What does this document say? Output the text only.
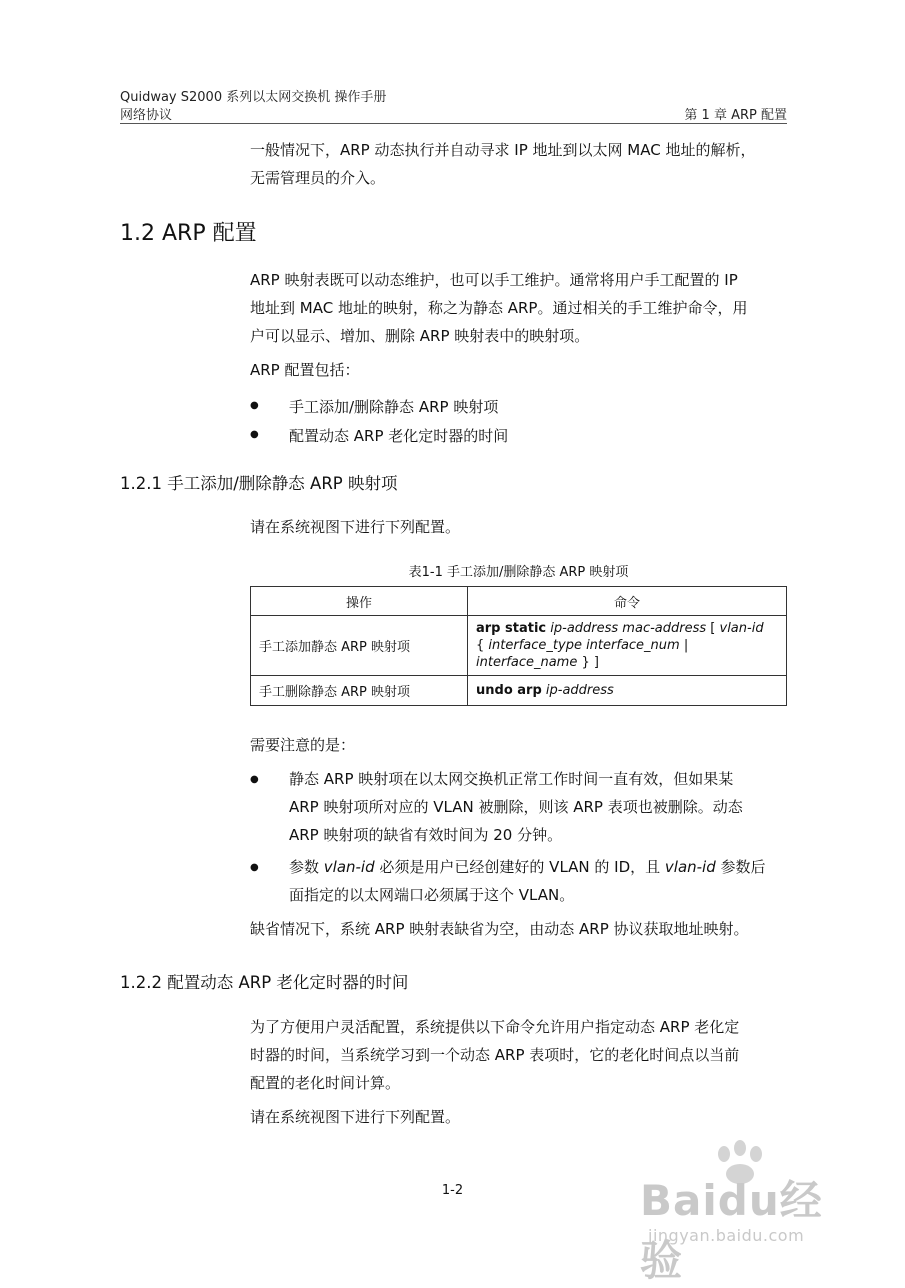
Quidway S2000 系列以太网交换机 操作手册
网络协议	第 1 章 ARP 配置
一般情况下，ARP 动态执行并自动寻求 IP 地址到以太网 MAC 地址的解析，
无需管理员的介入。
1.2 ARP 配置
ARP 映射表既可以动态维护，也可以手工维护。通常将用户手工配置的 IP
地址到 MAC 地址的映射，称之为静态 ARP。通过相关的手工维护命令，用
户可以显示、增加、删除 ARP 映射表中的映射项。
ARP 配置包括：
● 手工添加/删除静态 ARP 映射项
● 配置动态 ARP 老化定时器的时间
1.2.1 手工添加/删除静态 ARP 映射项
请在系统视图下进行下列配置。
表1-1 手工添加/删除静态 ARP 映射项
操作	命令
手工添加静态 ARP 映射项	arp static ip-address mac-address [ vlan-id
{ interface_type interface_num | interface_name } ]

手工删除静态 ARP 映射项	undo arp ip-address
需要注意的是：
● 静态 ARP 映射项在以太网交换机正常工作时间一直有效，但如果某
ARP 映射项所对应的 VLAN 被删除，则该 ARP 表项也被删除。动态
ARP 映射项的缺省有效时间为 20 分钟。
● 参数 vlan-id 必须是用户已经创建好的 VLAN 的 ID，且 vlan-id 参数后
面指定的以太网端口必须属于这个 VLAN。
缺省情况下，系统 ARP 映射表缺省为空，由动态 ARP 协议获取地址映射。
1.2.2 配置动态 ARP 老化定时器的时间
为了方便用户灵活配置，系统提供以下命令允许用户指定动态 ARP 老化定
时器的时间，当系统学习到一个动态 ARP 表项时，它的老化时间点以当前
配置的老化时间计算。
请在系统视图下进行下列配置。
1-2	Baidu经验
jingyan.baidu.com
